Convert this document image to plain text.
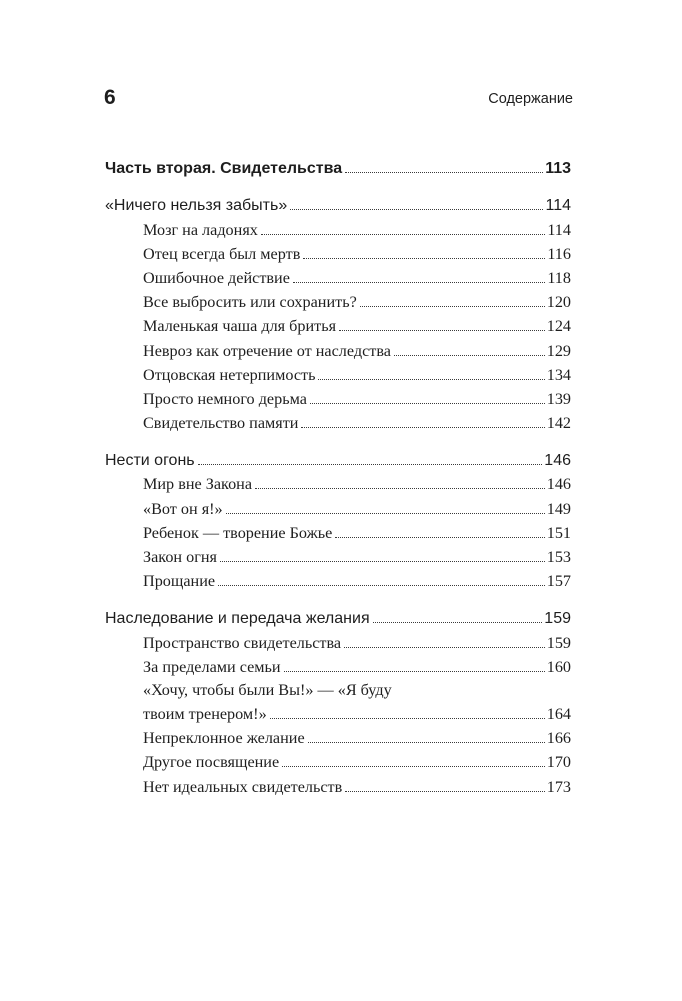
6	Содержание
Часть вторая. Свидетельства	113
«Ничего нельзя забыть»	114
Мозг на ладонях	114
Отец всегда был мертв	116
Ошибочное действие	118
Все выбросить или сохранить?	120
Маленькая чаша для бритья	124
Невроз как отречение от наследства	129
Отцовская нетерпимость	134
Просто немного дерьма	139
Свидетельство памяти	142
Нести огонь	146
Мир вне Закона	146
«Вот он я!»	149
Ребенок — творение Божье	151
Закон огня	153
Прощание	157
Наследование и передача желания	159
Пространство свидетельства	159
За пределами семьи	160
«Хочу, чтобы были Вы!» — «Я буду
твоим тренером!»	164
Непреклонное желание	166
Другое посвящение	170
Нет идеальных свидетельств	173
